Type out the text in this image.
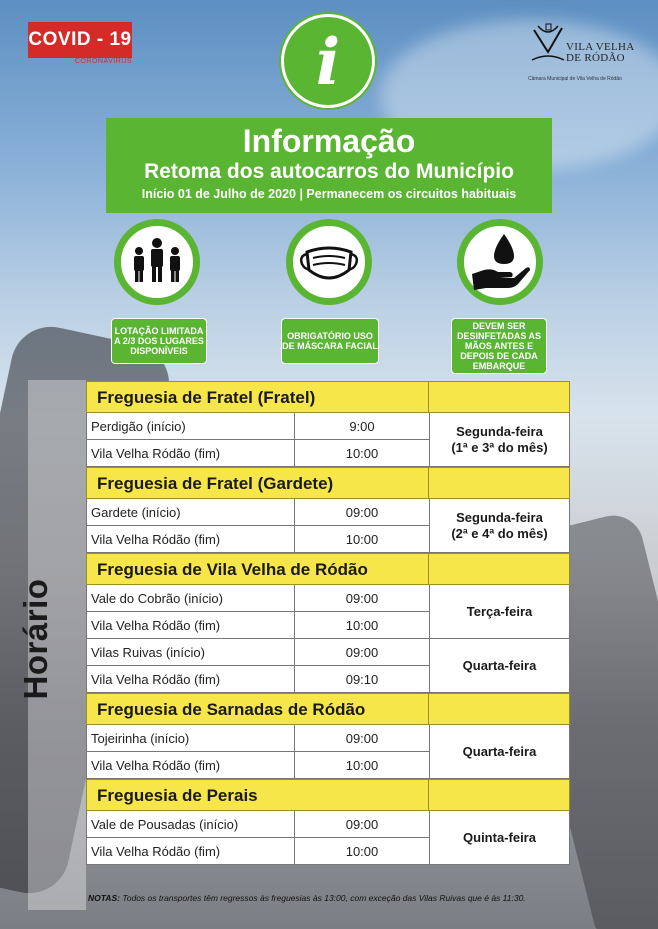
COVID - 19
CORONAVIRUS	i	VILA VELHA
DE RÓDÃO
Câmara Municipal de Vila Velha de Ródão
Informação
Retoma dos autocarros do Município
Início 01 de Julho de 2020 | Permanecem os circuitos habituais
LOTAÇÃO LIMITADA A 2/3 DOS LUGARES DISPONÍVEIS
OBRIGATÓRIO USO DE MÁSCARA FACIAL
DEVEM SER DESINFETADAS AS MÃOS ANTES E DEPOIS DE CADA EMBARQUE
Horário
Freguesia de Fratel (Fratel)
Perdigão (início)	9:00
Vila Velha Ródão (fim)	10:00
Segunda-feira
(1ª e 3ª do mês)
Freguesia de Fratel (Gardete)
Gardete (início)	09:00
Vila Velha Ródão (fim)	10:00
Segunda-feira
(2ª e 4ª do mês)
Freguesia de Vila Velha de Ródão
Vale do Cobrão (início)	09:00
Vila Velha Ródão (fim)	10:00
Terça-feira
Vilas Ruivas (início)	09:00
Vila Velha Ródão (fim)	09:10
Quarta-feira
Freguesia de Sarnadas de Ródão
Tojeirinha (início)	09:00
Vila Velha Ródão (fim)	10:00
Quarta-feira
Freguesia de Perais
Vale de Pousadas (início)	09:00
Vila Velha Ródão (fim)	10:00
Quinta-feira
NOTAS: Todos os transportes têm regressos às freguesias às 13:00, com exceção das Vilas Ruivas que é às 11:30.
